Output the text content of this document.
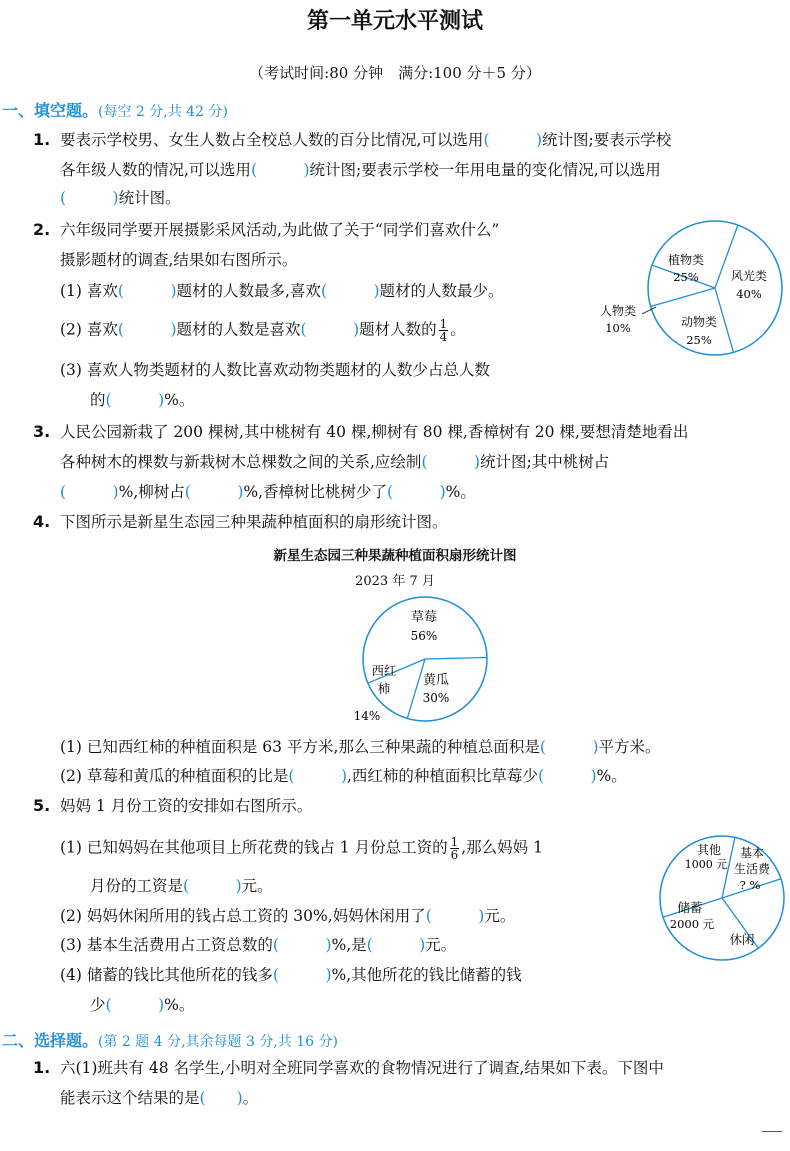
第一单元水平测试
（考试时间:80 分钟　满分:100 分＋5 分）
一、填空题。(每空 2 分,共 42 分)
1. 要表示学校男、女生人数占全校总人数的百分比情况,可以选用(　　　)统计图;要表示学校
各年级人数的情况,可以选用(　　　)统计图;要表示学校一年用电量的变化情况,可以选用
(　　　)统计图。
2. 六年级同学要开展摄影采风活动,为此做了关于“同学们喜欢什么”
摄影题材的调查,结果如右图所示。
(1) 喜欢(　　　)题材的人数最多,喜欢(　　　)题材的人数最少。
(2) 喜欢(　　　)题材的人数是喜欢(　　　)题材人数的 $\frac{1}{4}$ 。
(3) 喜欢人物类题材的人数比喜欢动物类题材的人数少占总人数
的(　　　)%。
植物类
25%	风光类
40%
动物类
25%
人物类
10%
3. 人民公园新栽了 200 棵树,其中桃树有 40 棵,柳树有 80 棵,香樟树有 20 棵,要想清楚地看出
各种树木的棵数与新栽树木总棵数之间的关系,应绘制(　　　)统计图;其中桃树占
(　　　)%,柳树占(　　　)%,香樟树比桃树少了(　　　)%。
4. 下图所示是新星生态园三种果蔬种植面积的扇形统计图。
新星生态园三种果蔬种植面积扇形统计图
2023 年 7 月
草莓
56%
西红
柿
黄瓜
30%
14%
(1) 已知西红柿的种植面积是 63 平方米,那么三种果蔬的种植总面积是(　　　)平方米。
(2) 草莓和黄瓜的种植面积的比是(　　　),西红柿的种植面积比草莓少(　　　)%。
5. 妈妈 1 月份工资的安排如右图所示。
(1) 已知妈妈在其他项目上所花费的钱占 1 月份总工资的 $\frac{1}{6}$ ,那么妈妈 1
月份的工资是(　　　)元。
(2) 妈妈休闲所用的钱占总工资的 30%,妈妈休闲用了(　　　)元。
(3) 基本生活费用占工资总数的(　　　)%,是(　　　)元。
(4) 储蓄的钱比其他所花的钱多(　　　)%,其他所花的钱比储蓄的钱
少(　　　)%。
其他
1000 元
基本
生活费
? %
储蓄
2000 元
休闲
二、选择题。(第 2 题 4 分,其余每题 3 分,共 16 分)
1. 六(1)班共有 48 名学生,小明对全班同学喜欢的食物情况进行了调查,结果如下表。下图中
能表示这个结果的是(　　)。
